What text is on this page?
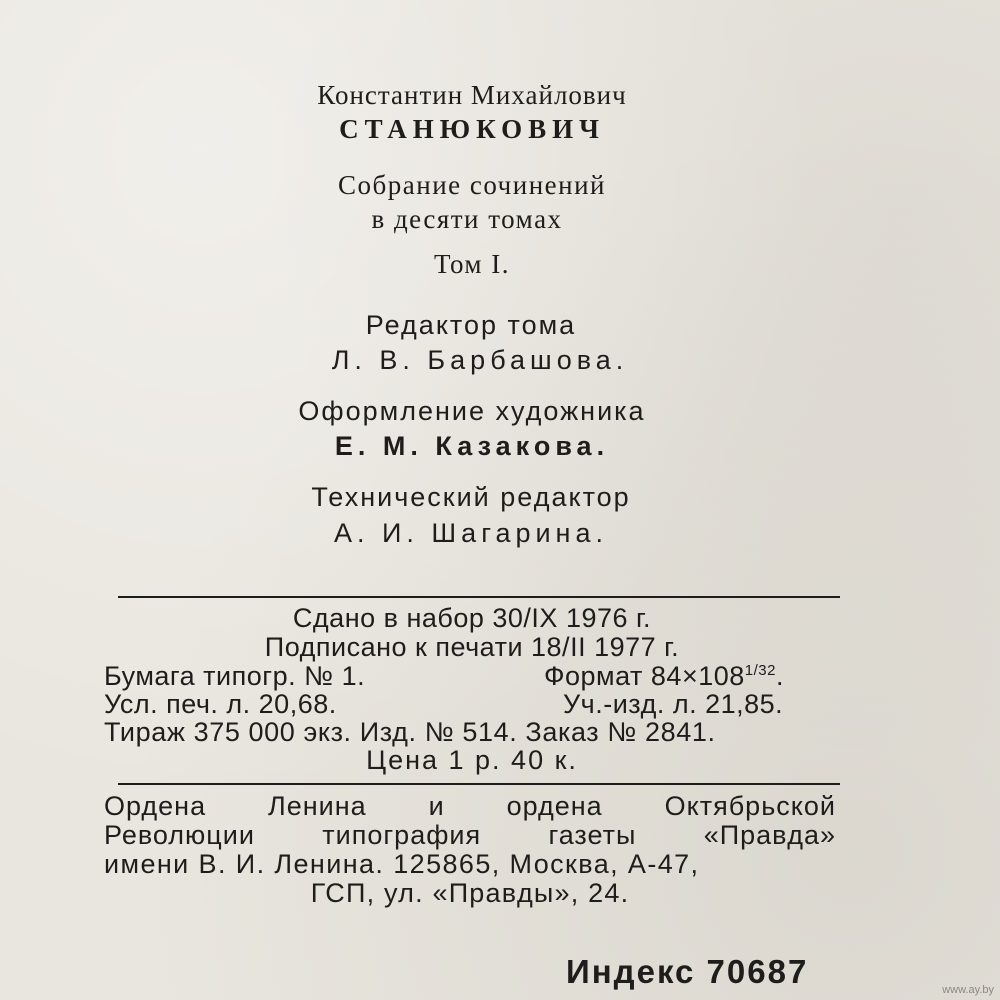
Константин Михайлович
СТАНЮКОВИЧ
Собрание сочинений
в десяти томах
Том I.
Редактор тома
Л. В. Барбашова.
Оформление художника
Е. М. Казакова.
Технический редактор
А. И. Шагарина.
Сдано в набор 30/IX 1976 г.
Подписано к печати 18/II 1977 г.
Бумага типогр. № 1.	Формат $84\times 108^{1/32}$.
Усл. печ. л. 20,68.	Уч.-изд. л. 21,85.
Тираж 375 000 экз. Изд. № 514. Заказ № 2841.
Цена 1 р. 40 к.
Ордена Ленина и ордена Октябрьской
Революции типография газеты «Правда»
имени В. И. Ленина. 125865, Москва, А-47,
ГСП, ул. «Правды», 24.
Индекс 70687	www.ay.by
